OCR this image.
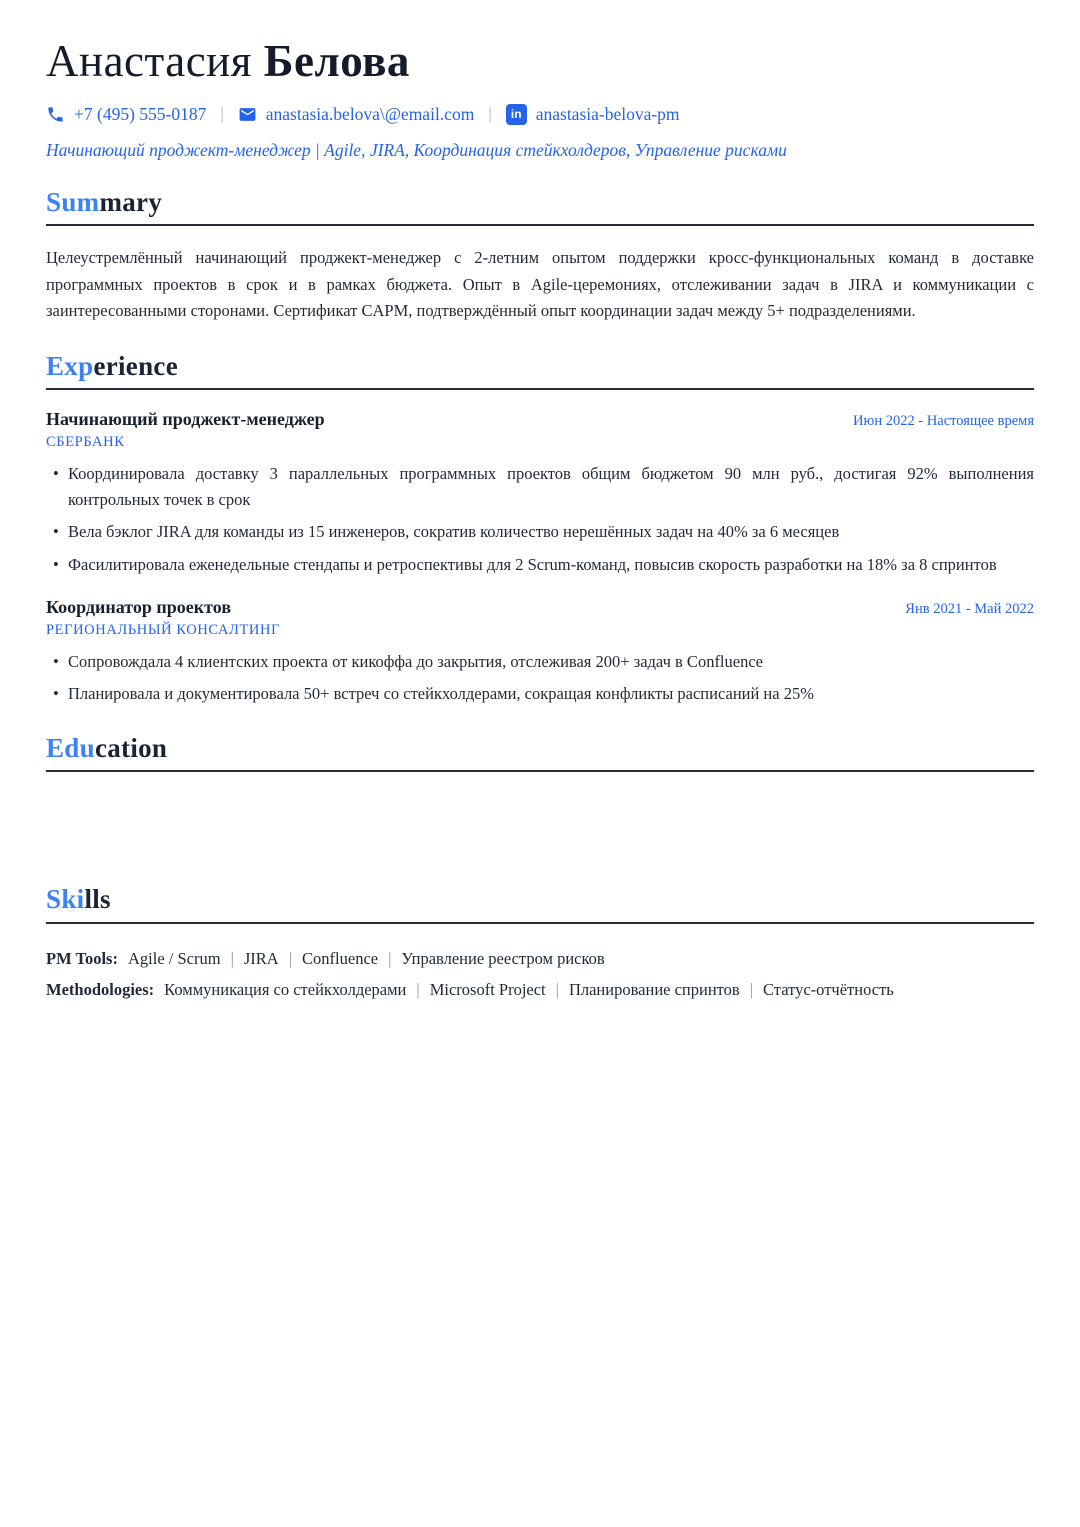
Анастасия Белова
+7 (495) 555-0187 | anastasia.belova\@email.com |	in anastasia-belova-pm

Начинающий проджект-менеджер | Agile, JIRA, Координация стейкхолдеров, Управление рисками

Summary

Целеустремлённый начинающий проджект-менеджер с 2-летним опытом поддержки кросс-функциональных команд в доставке программных проектов в срок и в рамках бюджета. Опыт в Agile-церемониях, отслеживании задач в JIRA и коммуникации с заинтересованными сторонами. Сертификат CAPM, подтверждённый опыт координации задач между 5+ подразделениями.

Experience
Начинающий проджект-менеджер	Июн 2022 - Настоящее время
СБЕРБАНК
• Координировала доставку 3 параллельных программных проектов общим бюджетом 90 млн руб., достигая 92% выполнения контрольных точек в срок
• Вела бэклог JIRA для команды из 15 инженеров, сократив количество нерешённых задач на 40% за 6 месяцев
• Фасилитировала еженедельные стендапы и ретроспективы для 2 Scrum-команд, повысив скорость разработки на 18% за 8 спринтов
Координатор проектов	Янв 2021 - Май 2022
РЕГИОНАЛЬНЫЙ КОНСАЛТИНГ
• Сопровождала 4 клиентских проекта от кикоффа до закрытия, отслеживая 200+ задач в Confluence
• Планировала и документировала 50+ встреч со стейкхолдерами, сокращая конфликты расписаний на 25%
Education
Skills

PM Tools: Agile / Scrum | JIRA | Confluence | Управление реестром рисков

Methodologies: Коммуникация со стейкхолдерами | Microsoft Project | Планирование спринтов | Статус-отчётность
